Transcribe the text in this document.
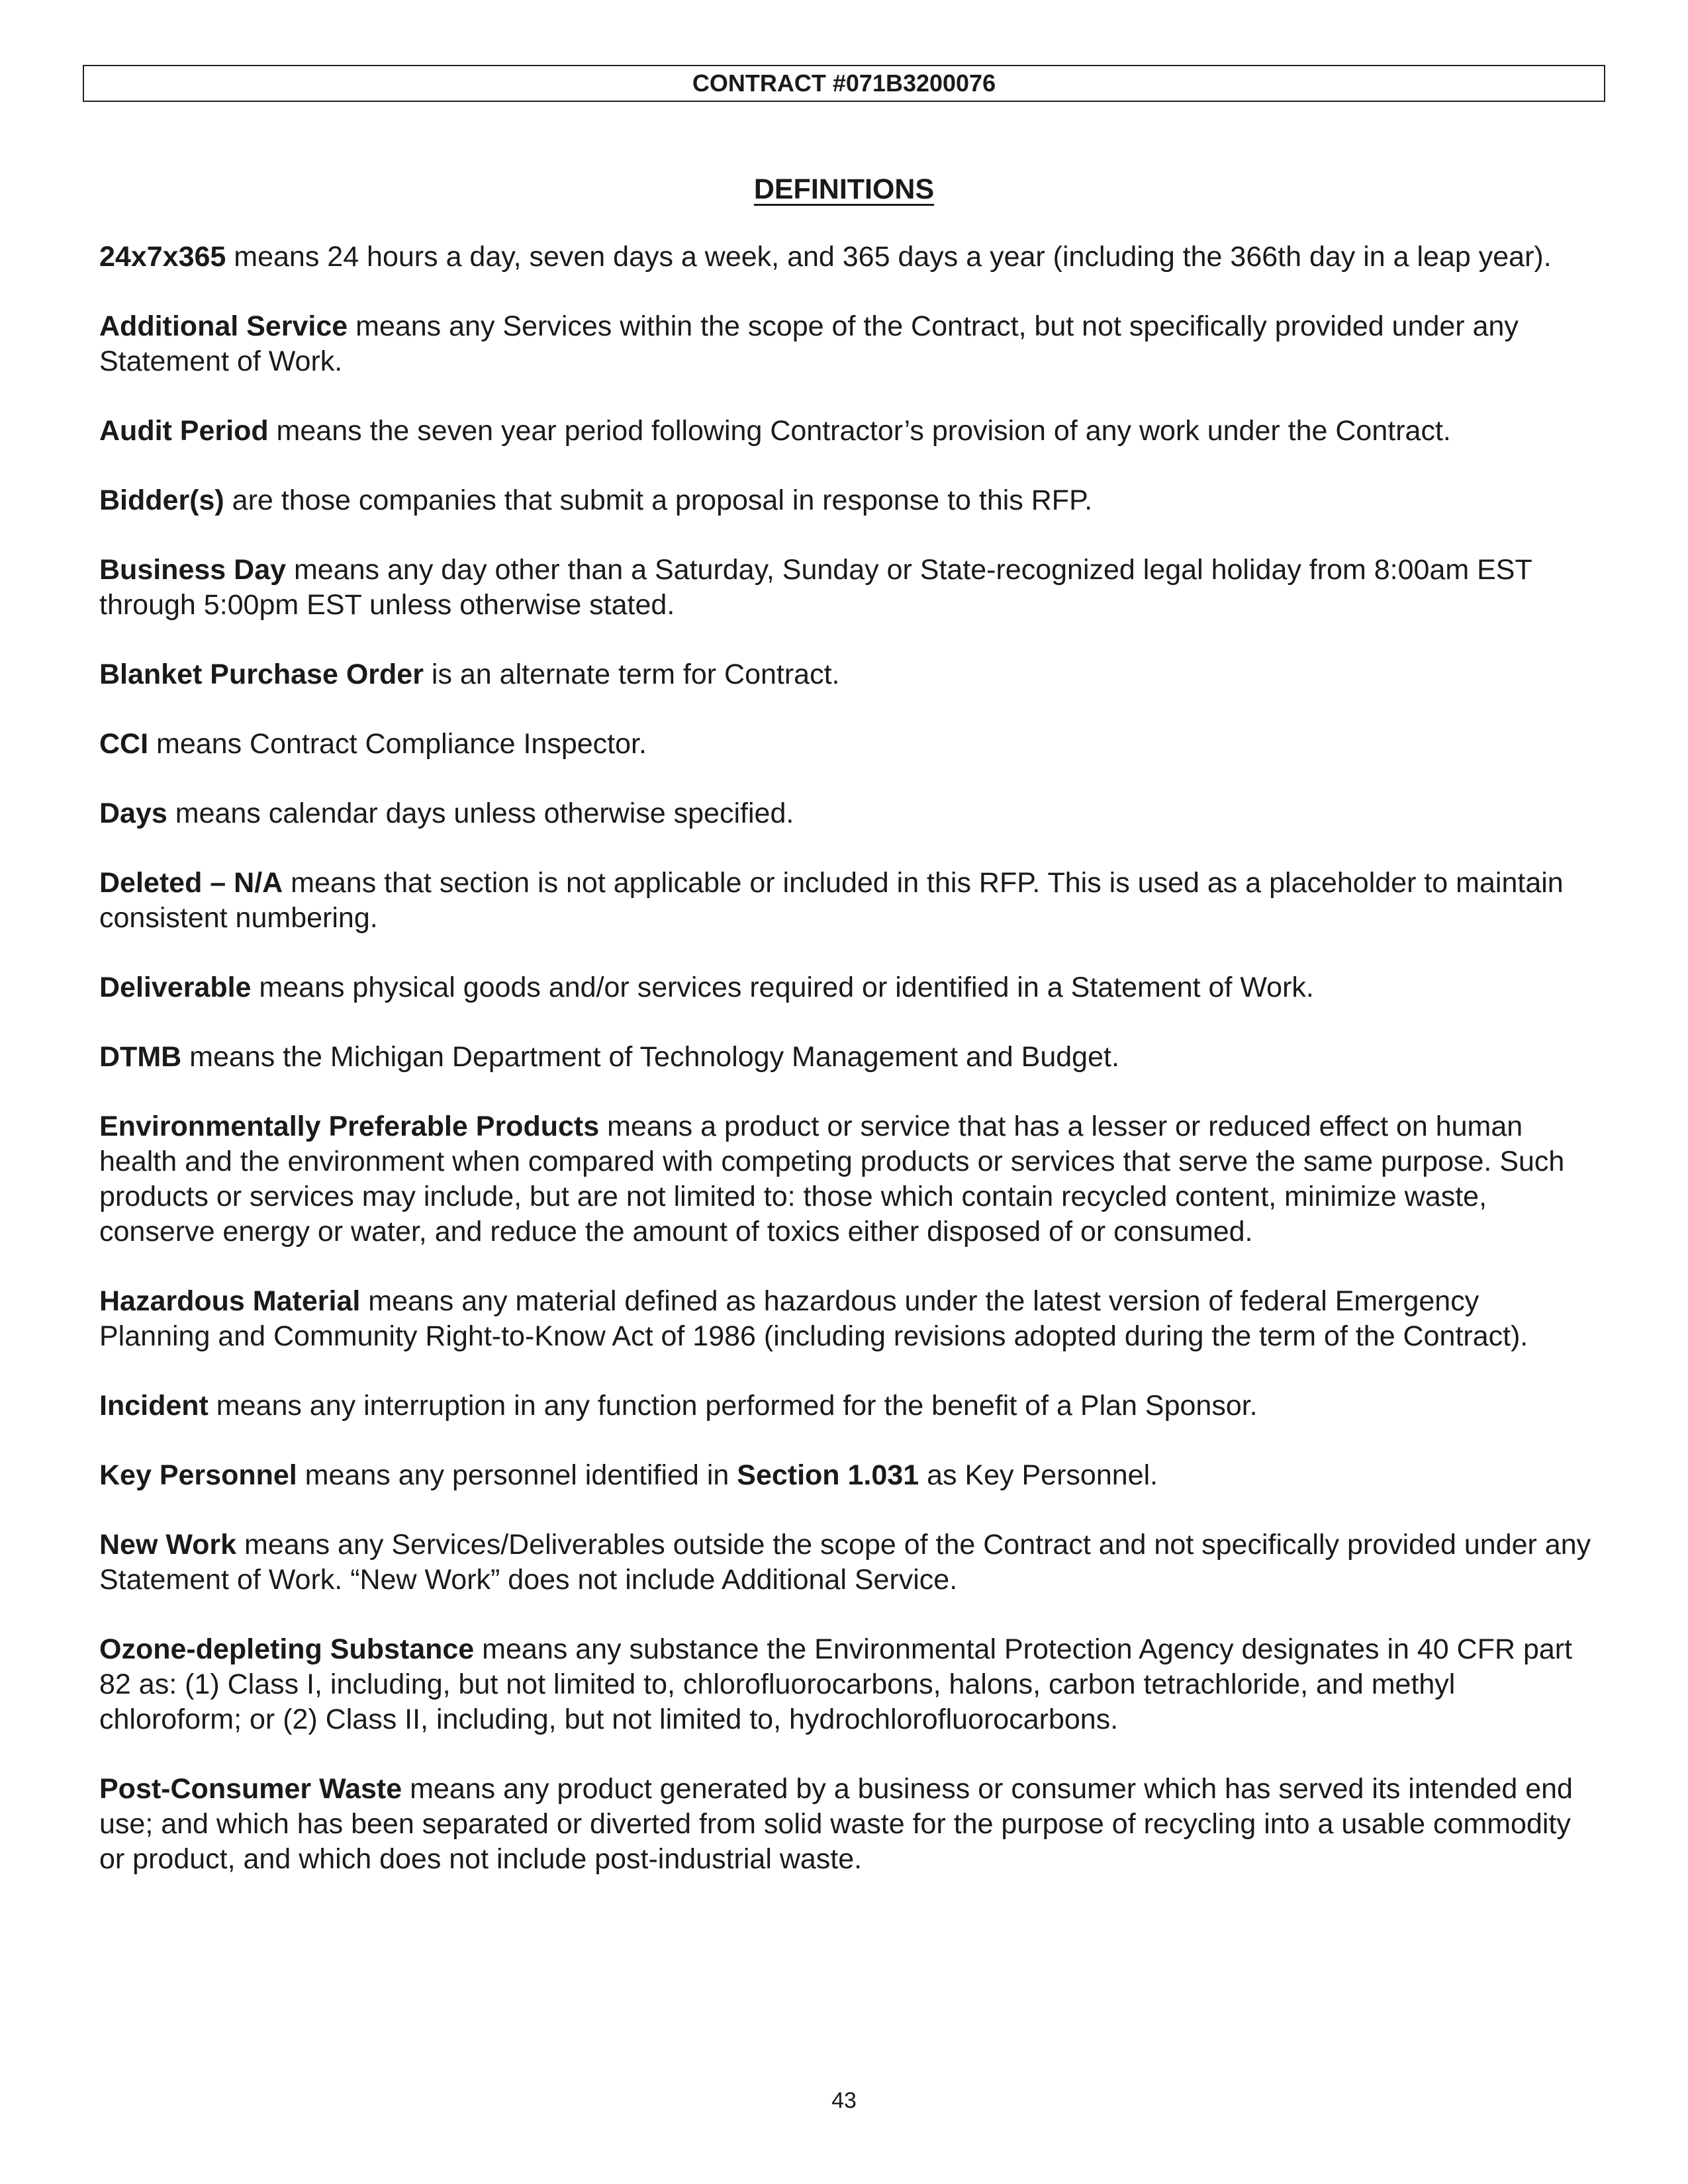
CONTRACT #071B3200076
DEFINITIONS

24x7x365 means 24 hours a day, seven days a week, and 365 days a year (including the 366th day in a leap year).

Additional Service means any Services within the scope of the Contract, but not specifically provided under any Statement of Work.

Audit Period means the seven year period following Contractor’s provision of any work under the Contract.

Bidder(s) are those companies that submit a proposal in response to this RFP.

Business Day means any day other than a Saturday, Sunday or State-recognized legal holiday from 8:00am EST through 5:00pm EST unless otherwise stated.

Blanket Purchase Order is an alternate term for Contract.

CCI means Contract Compliance Inspector.

Days means calendar days unless otherwise specified.

Deleted – N/A means that section is not applicable or included in this RFP. This is used as a placeholder to maintain consistent numbering.

Deliverable means physical goods and/or services required or identified in a Statement of Work.

DTMB means the Michigan Department of Technology Management and Budget.

Environmentally Preferable Products means a product or service that has a lesser or reduced effect on human health and the environment when compared with competing products or services that serve the same purpose. Such products or services may include, but are not limited to: those which contain recycled content, minimize waste, conserve energy or water, and reduce the amount of toxics either disposed of or consumed.

Hazardous Material means any material defined as hazardous under the latest version of federal Emergency Planning and Community Right-to-Know Act of 1986 (including revisions adopted during the term of the Contract).

Incident means any interruption in any function performed for the benefit of a Plan Sponsor.

Key Personnel means any personnel identified in Section 1.031 as Key Personnel.

New Work means any Services/Deliverables outside the scope of the Contract and not specifically provided under any Statement of Work. “New Work” does not include Additional Service.

Ozone-depleting Substance means any substance the Environmental Protection Agency designates in 40 CFR part 82 as: (1) Class I, including, but not limited to, chlorofluorocarbons, halons, carbon tetrachloride, and methyl chloroform; or (2) Class II, including, but not limited to, hydrochlorofluorocarbons.

Post-Consumer Waste means any product generated by a business or consumer which has served its intended end use; and which has been separated or diverted from solid waste for the purpose of recycling into a usable commodity or product, and which does not include post-industrial waste.

43
